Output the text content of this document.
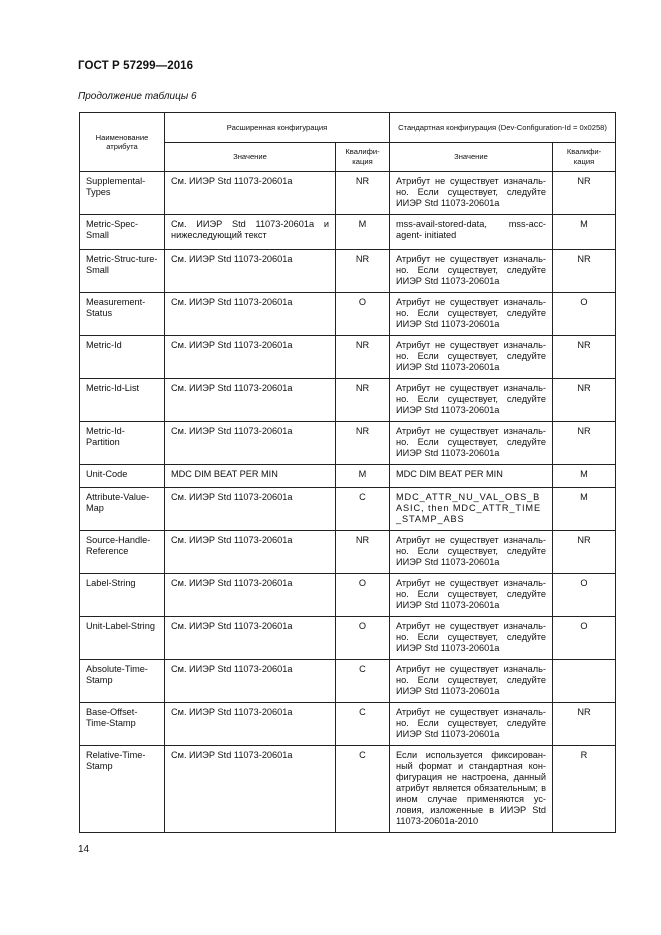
ГОСТ Р 57299—2016
Продолжение таблицы 6
Наименование атрибута	Расширенная конфигурация		Стандартная конфигурация (Dev-Configuration-Id = 0x0258)	
	Значение	Квалифи-кация	Значение	Квалифи-кация
Supplemental-Types	См. ИИЭР Std 11073-20601a	NR	Атрибут не существует изначаль-но. Если существует, следуйте ИИЭР Std 11073-20601a	NR
Metric-Spec-Small	См. ИИЭР Std 11073-20601a и нижеследующий текст	M	mss-avail-stored-data, mss-acc-agent- initiated	M
Metric-Struc-ture-Small	См. ИИЭР Std 11073-20601a	NR	Атрибут не существует изначаль-но. Если существует, следуйте ИИЭР Std 11073-20601a	NR
Measurement-Status	См. ИИЭР Std 11073-20601a	O	Атрибут не существует изначаль-но. Если существует, следуйте ИИЭР Std 11073-20601a	O
Metric-Id	См. ИИЭР Std 11073-20601a	NR	Атрибут не существует изначаль-но. Если существует, следуйте ИИЭР Std 11073-20601a	NR
Metric-Id-List	См. ИИЭР Std 11073-20601a	NR	Атрибут не существует изначаль-но. Если существует, следуйте ИИЭР Std 11073-20601a	NR
Metric-Id-Partition	См. ИИЭР Std 11073-20601a	NR	Атрибут не существует изначаль-но. Если существует, следуйте ИИЭР Std 11073-20601a	NR
Unit-Code	MDC DIM BEAT PER MIN	M	MDC DIM BEAT PER MIN	M
Attribute-Value-Map	См. ИИЭР Std 11073-20601a	C	MDC_ATTR_NU_VAL_OBS_BASIC, then MDC_ATTR_TIME_STAMP_ABS	M
Source-Handle-Reference	См. ИИЭР Std 11073-20601a	NR	Атрибут не существует изначаль-но. Если существует, следуйте ИИЭР Std 11073-20601a	NR
Label-String	См. ИИЭР Std 11073-20601a	O	Атрибут не существует изначаль-но. Если существует, следуйте ИИЭР Std 11073-20601a	O
Unit-Label-String	См. ИИЭР Std 11073-20601a	O	Атрибут не существует изначаль-но. Если существует, следуйте ИИЭР Std 11073-20601a	O
Absolute-Time-Stamp	См. ИИЭР Std 11073-20601a	C	Атрибут не существует изначаль-но. Если существует, следуйте ИИЭР Std 11073-20601a	
Base-Offset-Time-Stamp	См. ИИЭР Std 11073-20601a	C	Атрибут не существует изначаль-но. Если существует, следуйте ИИЭР Std 11073-20601a	NR
Relative-Time-Stamp	См. ИИЭР Std 11073-20601a	C	Если используется фиксирован-ный формат и стандартная кон-фигурация не настроена, данный атрибут является обязательным; в ином случае применяются ус-ловия, изложенные в ИИЭР Std 11073-20601a-2010	R
14
